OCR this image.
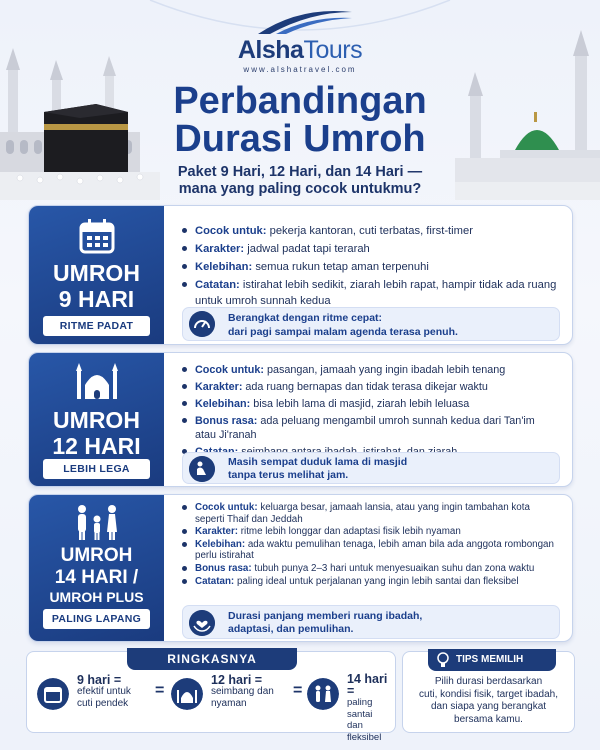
AlshaTours
www.alshatravel.com
Perbandingan
Durasi Umroh
Paket 9 Hari, 12 Hari, dan 14 Hari —
mana yang paling cocok untukmu?
UMROH
9 HARI
RITME PADAT
Cocok untuk: pekerja kantoran, cuti terbatas, first-timer
Karakter: jadwal padat tapi terarah
Kelebihan: semua rukun tetap aman terpenuhi
Catatan: istirahat lebih sedikit, ziarah lebih rapat, hampir tidak ada ruang untuk umroh sunnah kedua
Berangkat dengan ritme cepat:
dari pagi sampai malam agenda terasa penuh.
UMROH
12 HARI
LEBIH LEGA
Cocok untuk: pasangan, jamaah yang ingin ibadah lebih tenang
Karakter: ada ruang bernapas dan tidak terasa dikejar waktu
Kelebihan: bisa lebih lama di masjid, ziarah lebih leluasa
Bonus rasa: ada peluang mengambil umroh sunnah kedua dari Tan'im atau Ji'ranah
Masih sempat duduk lama di masjid
tanpa terus melihat jam.
UMROH
14 HARI /
UMROH PLUS
PALING LAPANG
Cocok untuk: keluarga besar, jamaah lansia, atau yang ingin tambahan kota seperti Thaif dan Jeddah
Karakter: ritme lebih longgar dan adaptasi fisik lebih nyaman
Kelebihan: ada waktu pemulihan tenaga, lebih aman bila ada anggota rombongan perlu istirahat
Bonus rasa: tubuh punya 2–3 hari untuk menyesuaikan suhu dan zona waktu
Catatan: paling ideal untuk perjalanan yang ingin lebih santai dan fleksibel
Durasi panjang memberi ruang ibadah,
adaptasi, dan pemulihan.
RINGKASNYA
9 hari =
efektif untuk
cuti pendek
=
12 hari =
seimbang dan
nyaman
=
14 hari =
paling santai
dan fleksibel
TIPS MEMILIH
Pilih durasi berdasarkan
cuti, kondisi fisik, target ibadah,
dan siapa yang berangkat
bersama kamu.
